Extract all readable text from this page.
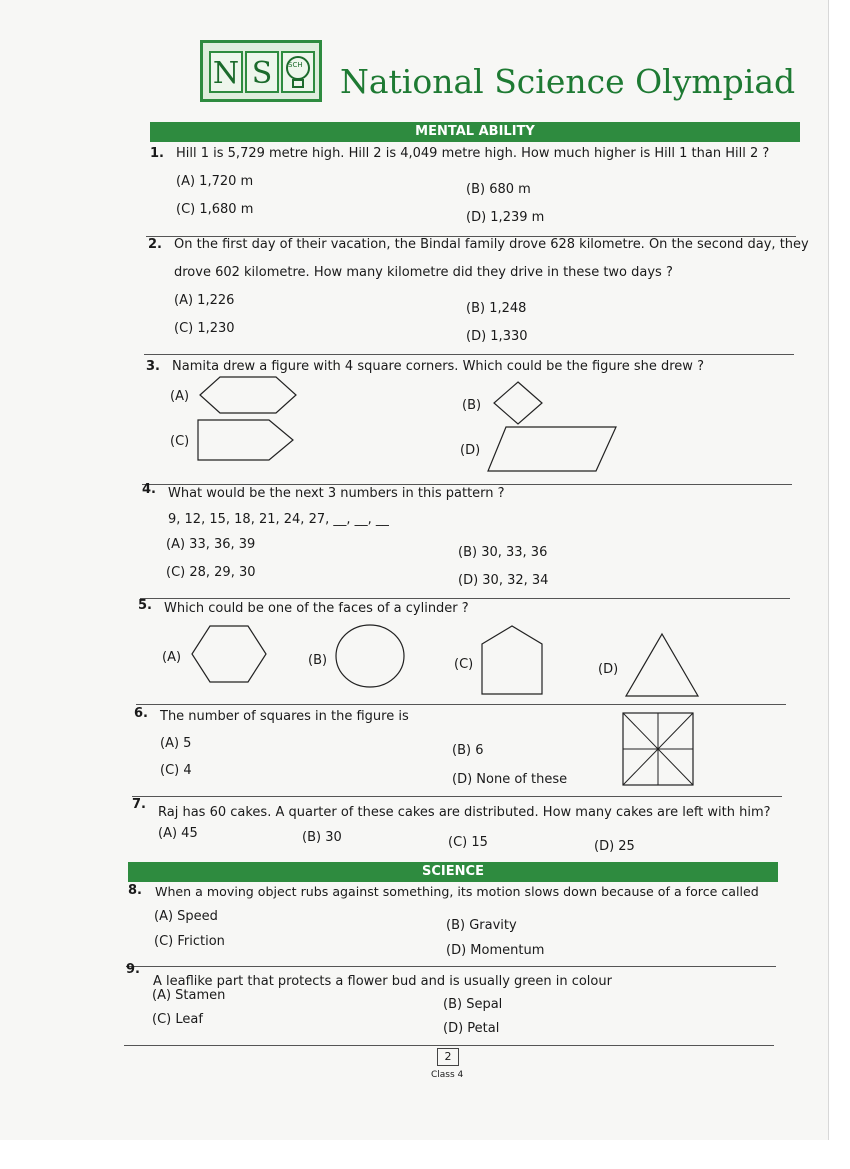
N S	SCH National Science Olympiad
MENTAL ABILITY
1. Hill 1 is 5,729 metre high. Hill 2 is 4,049 metre high. How much higher is Hill 1 than Hill 2 ?
(A) 1,720 m
(B) 680 m
(C) 1,680 m
(D) 1,239 m
2. On the first day of their vacation, the Bindal family drove 628 kilometre. On the second day, they
drove 602 kilometre. How many kilometre did they drive in these two days ?
(A) 1,226
(B) 1,248
(C) 1,230
(D) 1,330
3. Namita drew a figure with 4 square corners. Which could be the figure she drew ?
(A)
(B)
(C)
(D)
4. What would be the next 3 numbers in this pattern ?
9, 12, 15, 18, 21, 24, 27, __, __, __
(A) 33, 36, 39
(B) 30, 33, 36
(C) 28, 29, 30
(D) 30, 32, 34
5. Which could be one of the faces of a cylinder ?
(A)	(B)	(C)	(D)
6. The number of squares in the figure is
(A) 5	(B) 6
(C) 4
(D) None of these
7.
Raj has 60 cakes. A quarter of these cakes are distributed. How many cakes are left with him?
(A) 45	(B) 30	(C) 15	(D) 25
SCIENCE
8. When a moving object rubs against something, its motion slows down because of a force called
(A) Speed
(B) Gravity
(C) Friction
(D) Momentum
9.
A leaflike part that protects a flower bud and is usually green in colour
(A) Stamen
(B) Sepal
(C) Leaf
(D) Petal
2
Class 4
